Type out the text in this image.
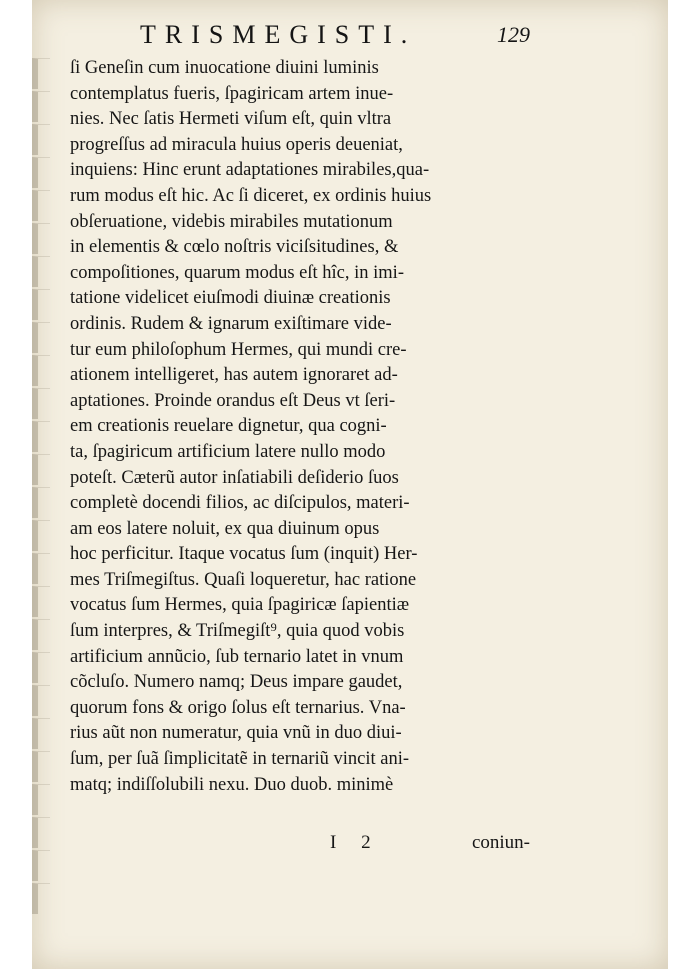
TRISMEGISTI.	129
ſi Geneſin cum inuocatione diuini luminis
contemplatus fueris, ſpagiricam artem inue-
nies. Nec ſatis Hermeti viſum eſt, quin vltra
progreſſus ad miracula huius operis deueniat,
inquiens: Hinc erunt adaptationes mirabiles,qua-
rum modus eſt hic. Ac ſi diceret, ex ordinis huius
obſeruatione, videbis mirabiles mutationum
in elementis & cœlo noſtris viciſsitudines, &
compoſitiones, quarum modus eſt hîc, in imi-
tatione videlicet eiuſmodi diuinæ creationis
ordinis. Rudem & ignarum exiſtimare vide-
tur eum philoſophum Hermes, qui mundi cre-
ationem intelligeret, has autem ignoraret ad-
aptationes. Proinde orandus eſt Deus vt ſeri-
em creationis reuelare dignetur, qua cogni-
ta, ſpagiricum artificium latere nullo modo
poteſt. Cæterũ autor inſatiabili deſiderio ſuos
completè docendi filios, ac diſcipulos, materi-
am eos latere noluit, ex qua diuinum opus
hoc perficitur. Itaque vocatus ſum (inquit) Her-
mes Triſmegiſtus. Quaſi loqueretur, hac ratione
vocatus ſum Hermes, quia ſpagiricæ ſapientiæ
ſum interpres, & Triſmegiſt⁹, quia quod vobis
artificium annũcio, ſub ternario latet in vnum
cõcluſo. Numero namq; Deus impare gaudet,
quorum fons & origo ſolus eſt ternarius. Vna-
rius aũt non numeratur, quia vnũ in duo diui-
ſum, per ſuã ſimplicitatẽ in ternariũ vincit ani-
matq; indiſſolubili nexu. Duo duob. minimè
I 2	coniun-
